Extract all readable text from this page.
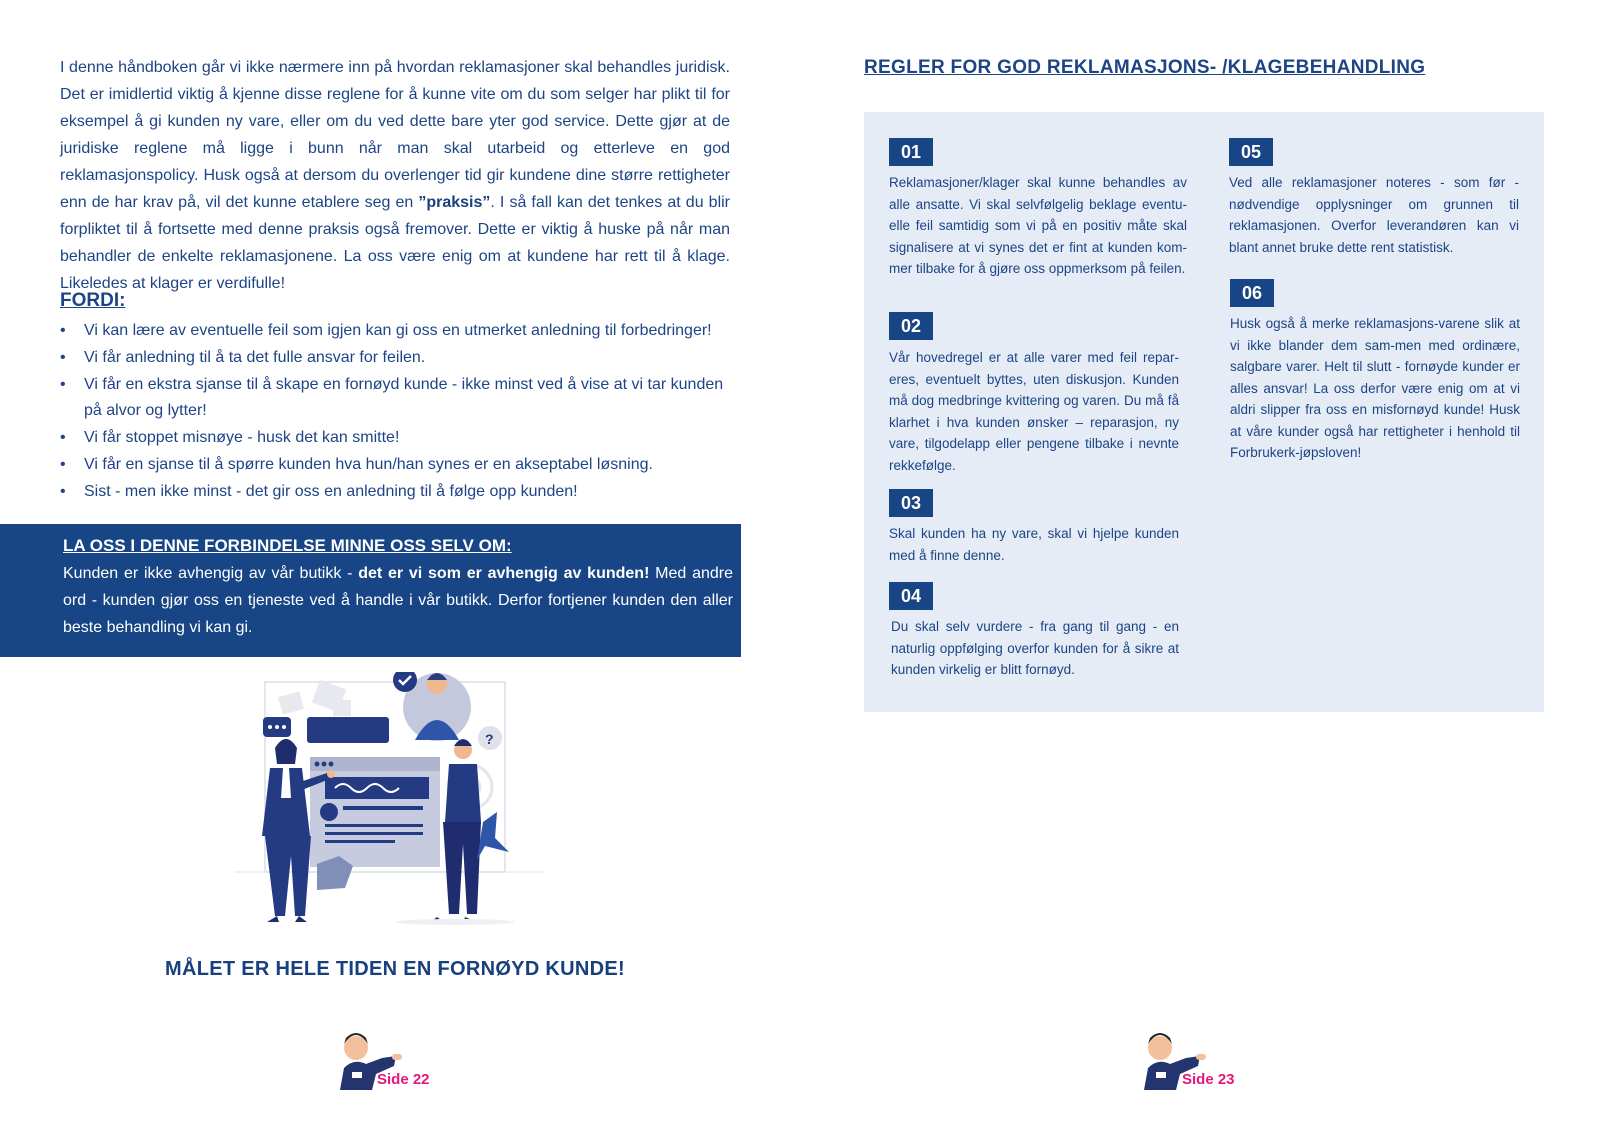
I denne håndboken går vi ikke nærmere inn på hvordan reklamasjoner skal behandles juridisk. Det er imidlertid viktig å kjenne disse reglene for å kunne vite om du som selger har plikt til for eksempel å gi kunden ny vare, eller om du ved dette bare yter god service. Dette gjør at de juridiske reglene må ligge i bunn når man skal utarbeid og etterleve en god reklamasjonspolicy. Husk også at dersom du overlenger tid gir kundene dine større rettigheter enn de har krav på, vil det kunne etablere seg en ”praksis”. I så fall kan det tenkes at du blir forpliktet til å fortsette med denne praksis også fremover. Dette er viktig å huske på når man behandler de enkelte reklamasjonene. La oss være enig om at kundene har rett til å klage. Likeledes at klager er verdifulle!
FORDI:
• Vi kan lære av eventuelle feil som igjen kan gi oss en utmerket anledning til forbedringer!
• Vi får anledning til å ta det fulle ansvar for feilen.
• Vi får en ekstra sjanse til å skape en fornøyd kunde - ikke minst ved å vise at vi tar kunden på alvor og lytter!
• Vi får stoppet misnøye - husk det kan smitte!
• Vi får en sjanse til å spørre kunden hva hun/han synes er en akseptabel løsning.
• Sist - men ikke minst - det gir oss en anledning til å følge opp kunden!
LA OSS I DENNE FORBINDELSE MINNE OSS SELV OM:
Kunden er ikke avhengig av vår butikk - det er vi som er avhengig av kunden! Med andre ord - kunden gjør oss en tjeneste ved å handle i vår butikk. Derfor fortjener kunden den aller beste behandling vi kan gi.
?
MÅLET ER HELE TIDEN EN FORNØYD KUNDE!
Side 22
REGLER FOR GOD REKLAMASJONS- /KLAGEBEHANDLING
01
Reklamasjoner/klager skal kunne behandles av alle ansatte. Vi skal selvfølgelig beklage eventu-elle feil samtidig som vi på en positiv måte skal signalisere at vi synes det er fint at kunden kom-mer tilbake for å gjøre oss oppmerksom på feilen.
02
Vår hovedregel er at alle varer med feil repar-eres, eventuelt byttes, uten diskusjon. Kunden må dog medbringe kvittering og varen. Du må få klarhet i hva kunden ønsker – reparasjon, ny vare, tilgodelapp eller pengene tilbake i nevnte rekkefølge.
03
Skal kunden ha ny vare, skal vi hjelpe kunden med å finne denne.
04
Du skal selv vurdere - fra gang til gang - en naturlig oppfølging overfor kunden for å sikre at kunden virkelig er blitt fornøyd.
05
Ved alle reklamasjoner noteres - som før - nødvendige opplysninger om grunnen til reklamasjonen. Overfor leverandøren kan vi blant annet bruke dette rent statistisk.
06
Husk også å merke reklamasjons-varene slik at vi ikke blander dem sam-men med ordinære, salgbare varer. Helt til slutt - fornøyde kunder er alles ansvar! La oss derfor være enig om at vi aldri slipper fra oss en misfornøyd kunde! Husk at våre kunder også har rettigheter i henhold til Forbrukerk-jøpsloven!
Side 23
